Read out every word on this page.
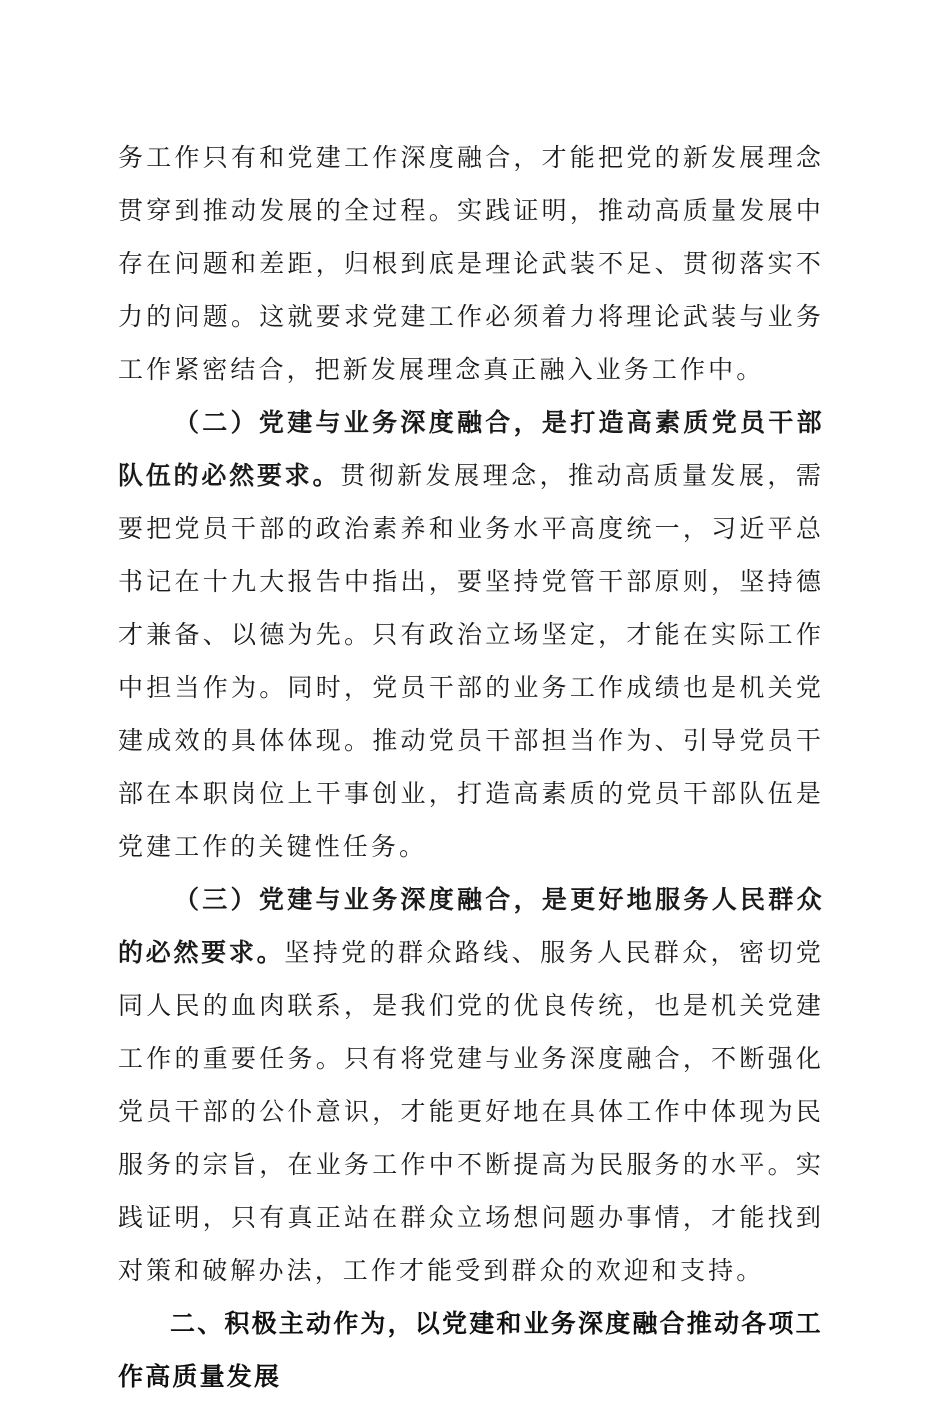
务工作只有和党建工作深度融合，才能把党的新发展理念贯穿到推动发展的全过程。实践证明，推动高质量发展中存在问题和差距，归根到底是理论武装不足、贯彻落实不力的问题。这就要求党建工作必须着力将理论武装与业务工作紧密结合，把新发展理念真正融入业务工作中。

（二）党建与业务深度融合，是打造高素质党员干部队伍的必然要求。贯彻新发展理念，推动高质量发展，需要把党员干部的政治素养和业务水平高度统一，习近平总书记在十九大报告中指出，要坚持党管干部原则，坚持德才兼备、以德为先。只有政治立场坚定，才能在实际工作中担当作为。同时，党员干部的业务工作成绩也是机关党建成效的具体体现。推动党员干部担当作为、引导党员干部在本职岗位上干事创业，打造高素质的党员干部队伍是党建工作的关键性任务。

（三）党建与业务深度融合，是更好地服务人民群众的必然要求。坚持党的群众路线、服务人民群众，密切党同人民的血肉联系，是我们党的优良传统，也是机关党建工作的重要任务。只有将党建与业务深度融合，不断强化党员干部的公仆意识，才能更好地在具体工作中体现为民服务的宗旨，在业务工作中不断提高为民服务的水平。实践证明，只有真正站在群众立场想问题办事情，才能找到对策和破解办法，工作才能受到群众的欢迎和支持。

二、积极主动作为，以党建和业务深度融合推动各项工作高质量发展
